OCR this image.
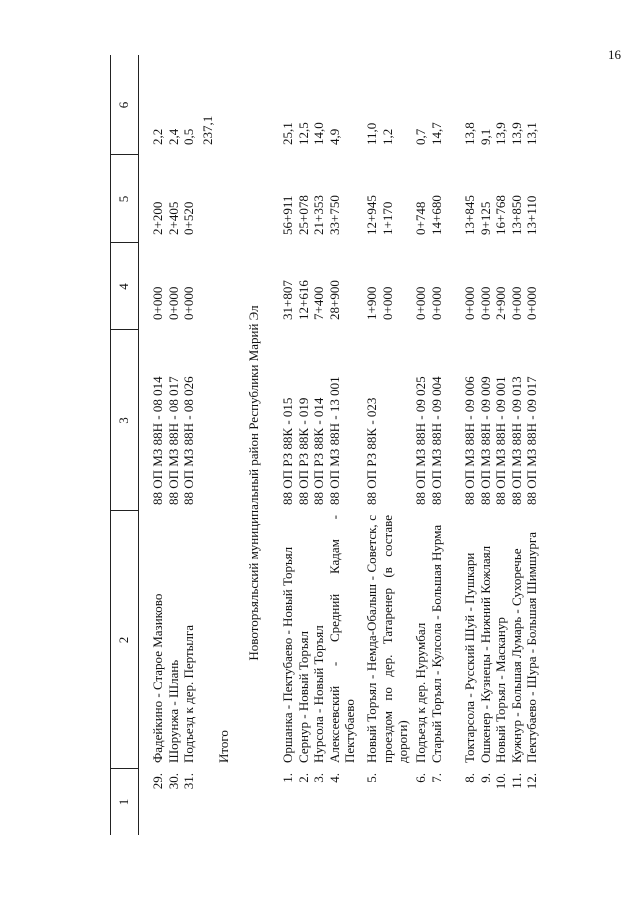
16
1
2
3
4
5
6
29.
Фадейкино - Старое Мазиково
88 ОП МЗ 88Н - 08 014
0+000
2+200
2,2
30.
Шорунжа - Шлань
88 ОП МЗ 88Н - 08 017
0+000
2+405
2,4
31.
Подъезд к дер. Пертылга
88 ОП МЗ 88Н - 08 026
0+000
0+520
0,5
Итого
237,1
Новоторъяльский муниципальный район Республики Марий Эл
1.
Оршанка - Пектубаево - Новый Торъял
88 ОП РЗ 88К - 015
31+807
56+911
25,1
2.
Сернур - Новый Торъял
88 ОП РЗ 88К - 019
12+616
25+078
12,5
3.
Нурсола - Новый Торъял
88 ОП РЗ 88К - 014
7+400
21+353
14,0
4.
Алексеевский - Средний Кадам - Пектубаево
88 ОП МЗ 88Н - 13 001
28+900
33+750
4,9
5.
Новый Торъял - Немда-Обалыш - Советск, с проездом по дер. Татаренер (в составе дороги)
88 ОП РЗ 88К - 023
1+900
12+945
11,0
0+000
1+170
1,2
6.
Подъезд к дер. Нурумбал
88 ОП МЗ 88Н - 09 025
0+000
0+748
0,7
7.
Старый Торъял - Кулсола - Большая Нурма
88 ОП МЗ 88Н - 09 004
0+000
14+680
14,7
8.
Токтарсола - Русский Шуй - Пушкари
88 ОП МЗ 88Н - 09 006
0+000
13+845
13,8
9.
Ошкенер - Кузнецы - Нижний Кожлаял
88 ОП МЗ 88Н - 09 009
0+000
9+125
9,1
10.
Новый Торъял - Масканур
88 ОП МЗ 88Н - 09 001
2+900
16+768
13,9
11.
Кужнур - Большая Лумарь - Сухоречье
88 ОП МЗ 88Н - 09 013
0+000
13+850
13,9
12.
Пектубаево - Шура - Большая Шимшурга
88 ОП МЗ 88Н - 09 017
0+000
13+110
13,1
